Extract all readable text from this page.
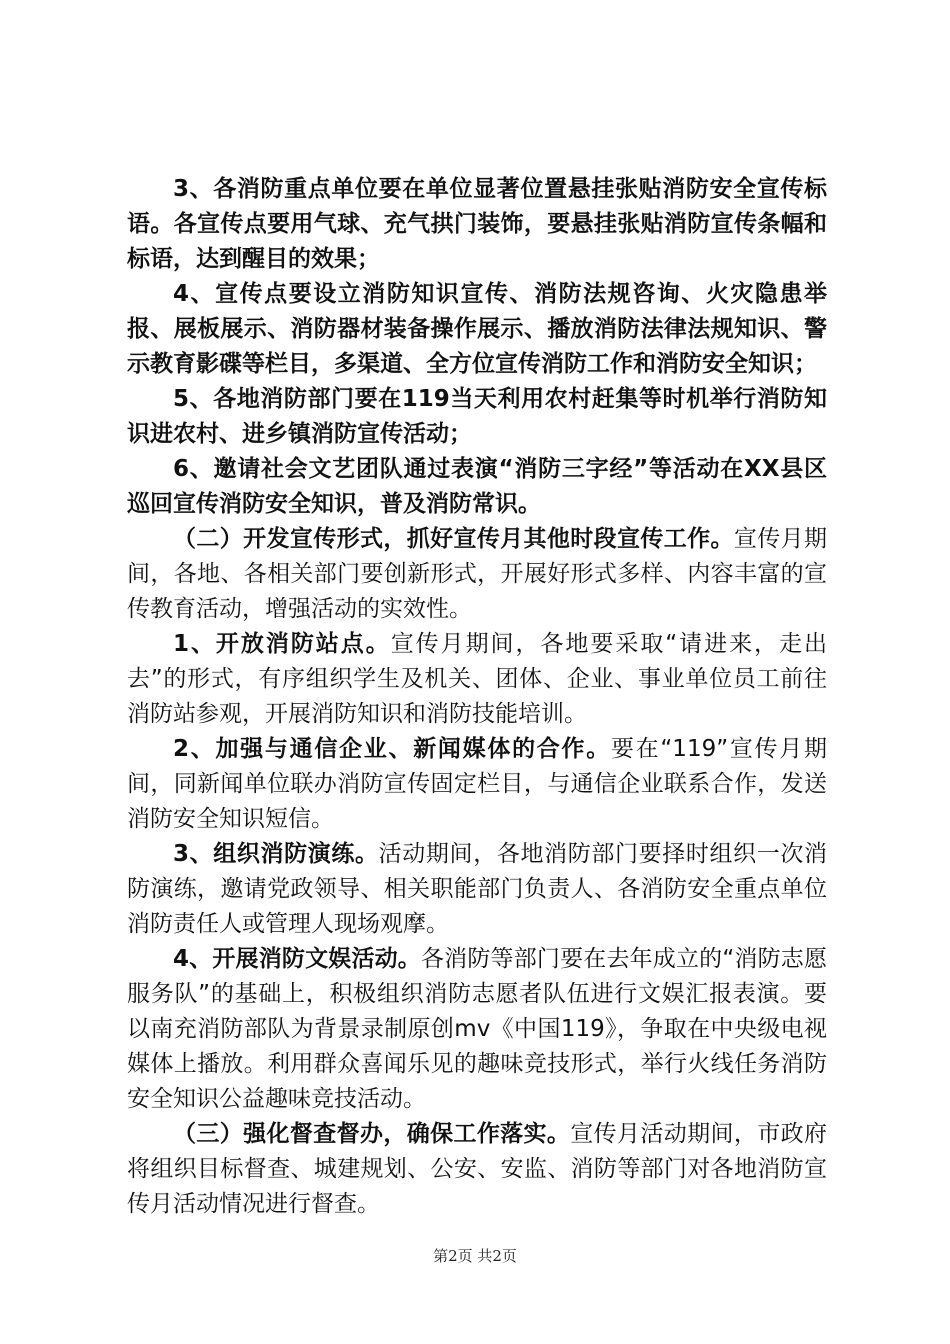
3、各消防重点单位要在单位显著位置悬挂张贴消防安全宣传标语。各宣传点要用气球、充气拱门装饰，要悬挂张贴消防宣传条幅和标语，达到醒目的效果；

4、宣传点要设立消防知识宣传、消防法规咨询、火灾隐患举报、展板展示、消防器材装备操作展示、播放消防法律法规知识、警示教育影碟等栏目，多渠道、全方位宣传消防工作和消防安全知识；

5、各地消防部门要在119当天利用农村赶集等时机举行消防知识进农村、进乡镇消防宣传活动；

6、邀请社会文艺团队通过表演“消防三字经”等活动在XX县区巡回宣传消防安全知识，普及消防常识。

（二）开发宣传形式，抓好宣传月其他时段宣传工作。宣传月期间，各地、各相关部门要创新形式，开展好形式多样、内容丰富的宣传教育活动，增强活动的实效性。

1、开放消防站点。宣传月期间，各地要采取“请进来，走出去”的形式，有序组织学生及机关、团体、企业、事业单位员工前往消防站参观，开展消防知识和消防技能培训。

2、加强与通信企业、新闻媒体的合作。要在“119”宣传月期间，同新闻单位联办消防宣传固定栏目，与通信企业联系合作，发送消防安全知识短信。

3、组织消防演练。活动期间，各地消防部门要择时组织一次消防演练，邀请党政领导、相关职能部门负责人、各消防安全重点单位消防责任人或管理人现场观摩。

4、开展消防文娱活动。各消防等部门要在去年成立的“消防志愿服务队”的基础上，积极组织消防志愿者队伍进行文娱汇报表演。要以南充消防部队为背景录制原创mv《中国119》，争取在中央级电视媒体上播放。利用群众喜闻乐见的趣味竞技形式，举行火线任务消防安全知识公益趣味竞技活动。

（三）强化督查督办，确保工作落实。宣传月活动期间，市政府将组织目标督查、城建规划、公安、安监、消防等部门对各地消防宣传月活动情况进行督查。

第2页 共2页
